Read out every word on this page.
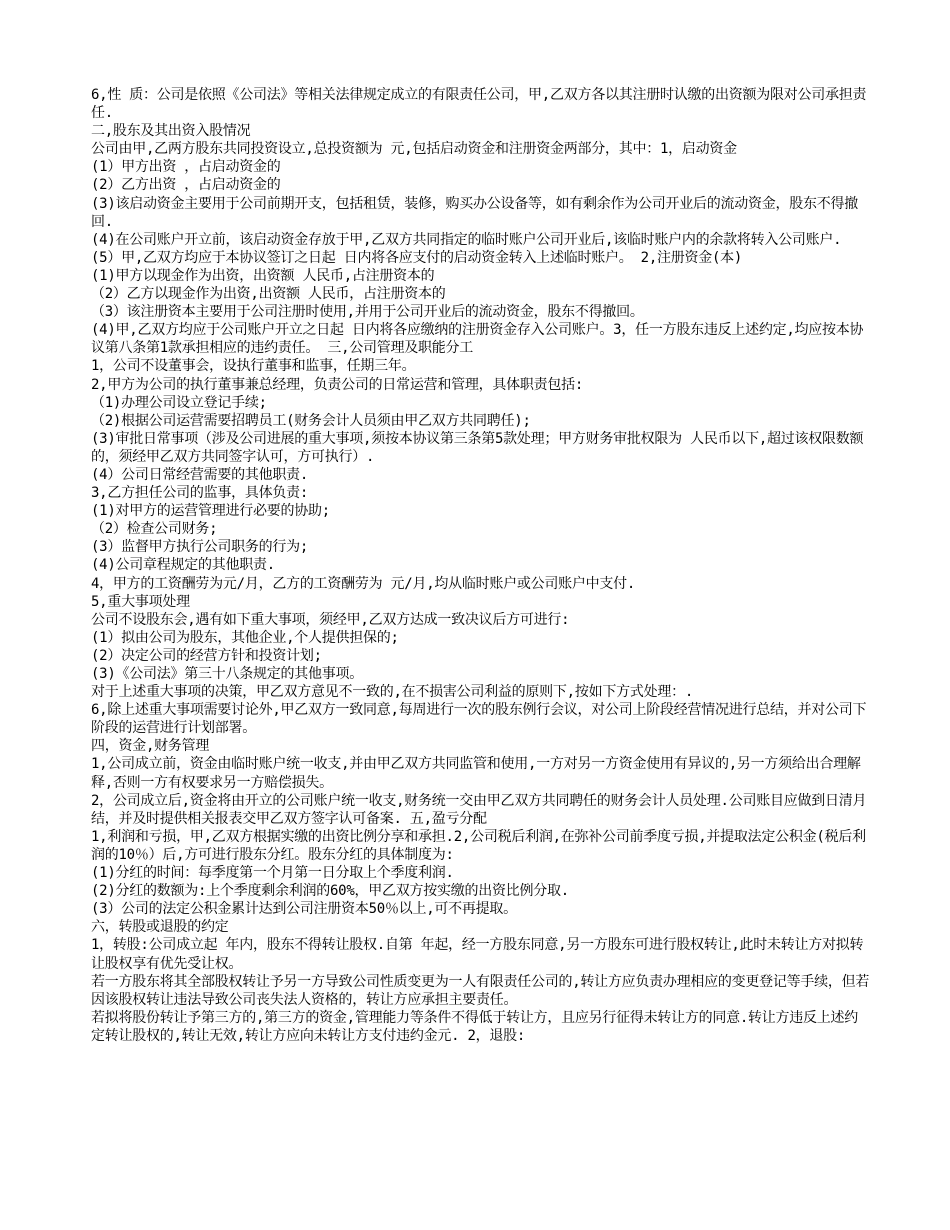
6,性 质：公司是依照《公司法》等相关法律规定成立的有限责任公司，甲,乙双方各以其注册时认缴的出资额为限对公司承担责任.

二,股东及其出资入股情况

公司由甲,乙两方股东共同投资设立,总投资额为 元,包括启动资金和注册资金两部分，其中：1，启动资金

(1）甲方出资 ，占启动资金的

(2）乙方出资 ，占启动资金的

(3)该启动资金主要用于公司前期开支，包括租赁，装修，购买办公设备等，如有剩余作为公司开业后的流动资金，股东不得撤回.

(4)在公司账户开立前，该启动资金存放于甲,乙双方共同指定的临时账户公司开业后,该临时账户内的余款将转入公司账户.

(5）甲,乙双方均应于本协议签订之日起 日内将各应支付的启动资金转入上述临时账户。 2,注册资金(本)

(1)甲方以现金作为出资，出资额 人民币,占注册资本的

（2）乙方以现金作为出资,出资额 人民币，占注册资本的

（3）该注册资本主要用于公司注册时使用,并用于公司开业后的流动资金，股东不得撤回。

(4)甲,乙双方均应于公司账户开立之日起 日内将各应缴纳的注册资金存入公司账户。3，任一方股东违反上述约定,均应按本协议第八条第1款承担相应的违约责任。 三,公司管理及职能分工

1，公司不设董事会，设执行董事和监事，任期三年。

2,甲方为公司的执行董事兼总经理，负责公司的日常运营和管理，具体职责包括:

（1)办理公司设立登记手续;

（2)根据公司运营需要招聘员工(财务会计人员须由甲乙双方共同聘任);

(3)审批日常事项（涉及公司进展的重大事项,须按本协议第三条第5款处理；甲方财务审批权限为 人民币以下,超过该权限数额的，须经甲乙双方共同签字认可，方可执行）.

(4）公司日常经营需要的其他职责.

3,乙方担任公司的监事，具体负责:

(1)对甲方的运营管理进行必要的协助;

（2）检查公司财务;

(3）监督甲方执行公司职务的行为;

(4)公司章程规定的其他职责.

4，甲方的工资酬劳为元/月，乙方的工资酬劳为 元/月,均从临时账户或公司账户中支付.

5,重大事项处理

公司不设股东会,遇有如下重大事项，须经甲,乙双方达成一致决议后方可进行:

(1）拟由公司为股东，其他企业,个人提供担保的;

(2）决定公司的经营方针和投资计划;

(3)《公司法》第三十八条规定的其他事项。

对于上述重大事项的决策，甲乙双方意见不一致的,在不损害公司利益的原则下,按如下方式处理：.

6,除上述重大事项需要讨论外,甲乙双方一致同意,每周进行一次的股东例行会议，对公司上阶段经营情况进行总结，并对公司下阶段的运营进行计划部署。

四，资金,财务管理

1,公司成立前，资金由临时账户统一收支,并由甲乙双方共同监管和使用,一方对另一方资金使用有异议的,另一方须给出合理解释,否则一方有权要求另一方赔偿损失。

2，公司成立后,资金将由开立的公司账户统一收支,财务统一交由甲乙双方共同聘任的财务会计人员处理.公司账目应做到日清月结，并及时提供相关报表交甲乙双方签字认可备案. 五,盈亏分配

1,利润和亏损，甲,乙双方根据实缴的出资比例分享和承担.2,公司税后利润,在弥补公司前季度亏损,并提取法定公积金(税后利润的10％）后,方可进行股东分红。股东分红的具体制度为:

(1)分红的时间：每季度第一个月第一日分取上个季度利润.

(2)分红的数额为:上个季度剩余利润的60%，甲乙双方按实缴的出资比例分取.

(3）公司的法定公积金累计达到公司注册资本50％以上,可不再提取。

六，转股或退股的约定

1，转股:公司成立起 年内，股东不得转让股权.自第 年起，经一方股东同意,另一方股东可进行股权转让,此时未转让方对拟转让股权享有优先受让权。

若一方股东将其全部股权转让予另一方导致公司性质变更为一人有限责任公司的,转让方应负责办理相应的变更登记等手续，但若因该股权转让违法导致公司丧失法人资格的，转让方应承担主要责任。

若拟将股份转让予第三方的,第三方的资金,管理能力等条件不得低于转让方，且应另行征得未转让方的同意.转让方违反上述约定转让股权的,转让无效,转让方应向未转让方支付违约金元. 2，退股:
